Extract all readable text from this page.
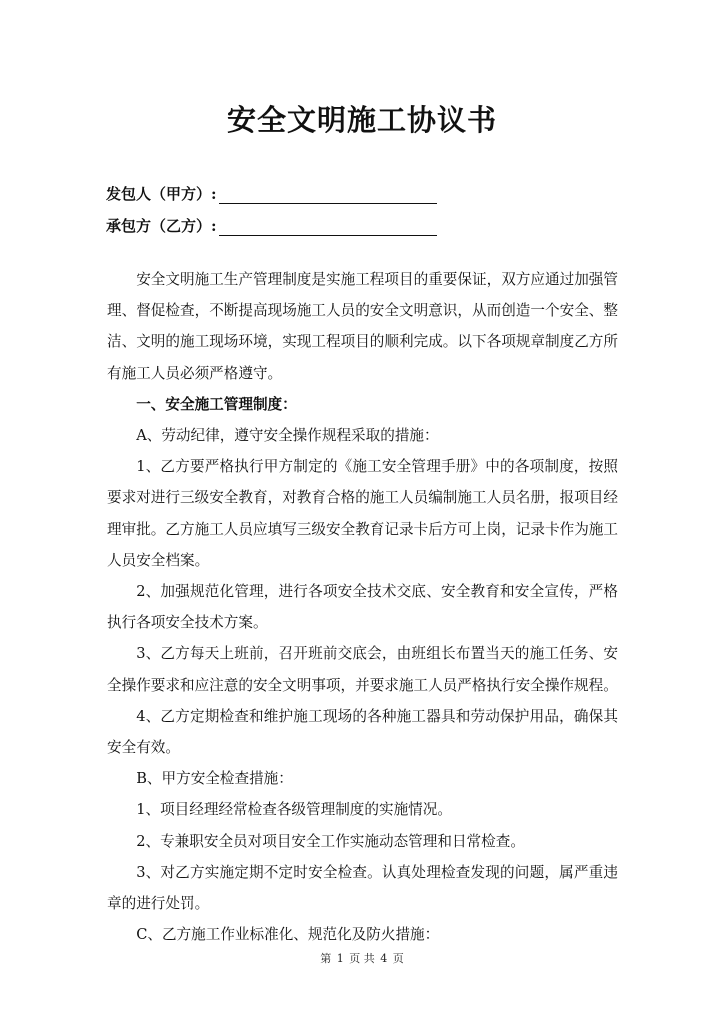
安全文明施工协议书
发包人（甲方）:
承包方（乙方）:

安全文明施工生产管理制度是实施工程项目的重要保证，双方应通过加强管理、督促检查，不断提高现场施工人员的安全文明意识，从而创造一个安全、整洁、文明的施工现场环境，实现工程项目的顺利完成。以下各项规章制度乙方所有施工人员必须严格遵守。

一、安全施工管理制度：

A、劳动纪律，遵守安全操作规程采取的措施：

1、乙方要严格执行甲方制定的《施工安全管理手册》中的各项制度，按照要求对进行三级安全教育，对教育合格的施工人员编制施工人员名册，报项目经理审批。乙方施工人员应填写三级安全教育记录卡后方可上岗，记录卡作为施工人员安全档案。

2、加强规范化管理，进行各项安全技术交底、安全教育和安全宣传，严格执行各项安全技术方案。

3、乙方每天上班前，召开班前交底会，由班组长布置当天的施工任务、安全操作要求和应注意的安全文明事项，并要求施工人员严格执行安全操作规程。

4、乙方定期检查和维护施工现场的各种施工器具和劳动保护用品，确保其安全有效。

B、甲方安全检查措施：

1、项目经理经常检查各级管理制度的实施情况。

2、专兼职安全员对项目安全工作实施动态管理和日常检查。

3、对乙方实施定期不定时安全检查。认真处理检查发现的问题，属严重违章的进行处罚。

C、乙方施工作业标准化、规范化及防火措施：

第 1 页 共 4 页
